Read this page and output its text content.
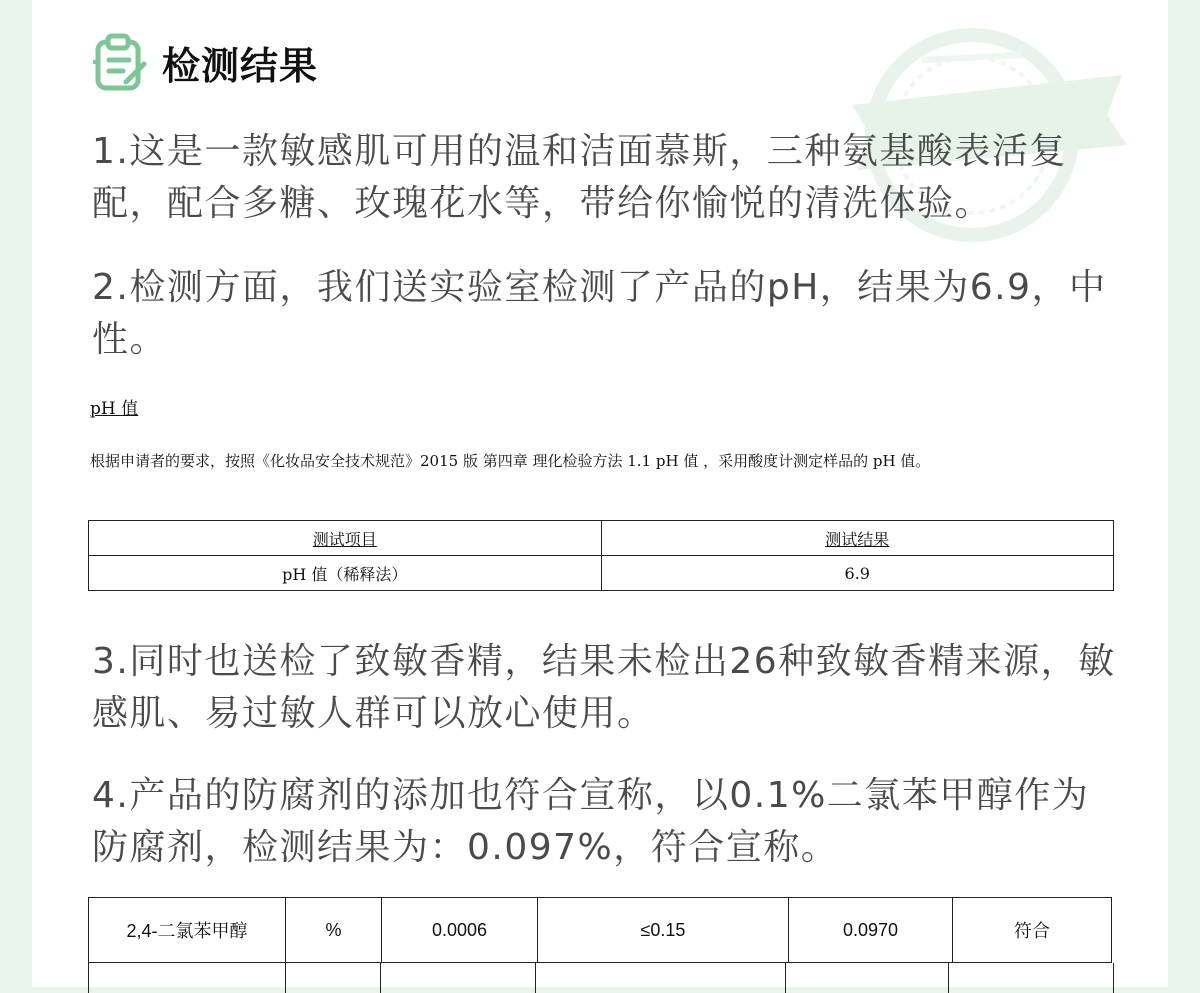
检测结果
1.这是一款敏感肌可用的温和洁面慕斯，三种氨基酸表活复配，配合多糖、玫瑰花水等，带给你愉悦的清洗体验。
2.检测方面，我们送实验室检测了产品的pH，结果为6.9，中性。
pH 值
根据申请者的要求，按照《化妆品安全技术规范》2015 版 第四章 理化检验方法 1.1 pH 值 ，采用酸度计测定样品的 pH 值。
3.同时也送检了致敏香精，结果未检出26种致敏香精来源，敏感肌、易过敏人群可以放心使用。
4.产品的防腐剂的添加也符合宣称，以0.1%二氯苯甲醇作为防腐剂，检测结果为：0.097%，符合宣称。
测试项目	测试结果
pH 值（稀释法）	6.9
2,4-二氯苯甲醇	%	0.0006	≤0.15	0.0970	符合
